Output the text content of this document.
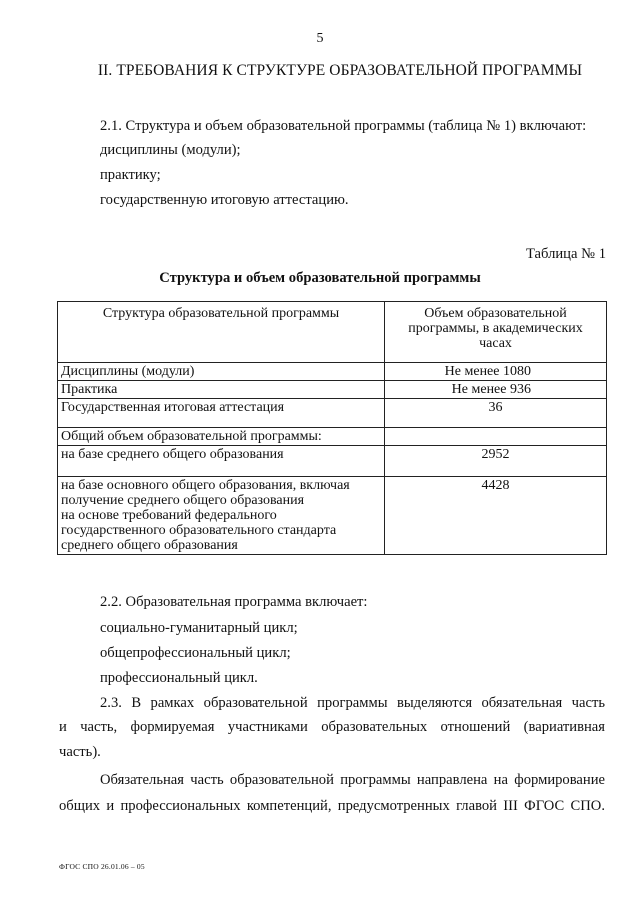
5
II. ТРЕБОВАНИЯ К СТРУКТУРЕ ОБРАЗОВАТЕЛЬНОЙ ПРОГРАММЫ
2.1. Структура и объем образовательной программы (таблица № 1) включают:
дисциплины (модули);
практику;
государственную итоговую аттестацию.
Таблица № 1
Структура и объем образовательной программы
Структура образовательной программы	Объем образовательной
программы, в академических
часах

Дисциплины (модули)	Не менее 1080
Практика	Не менее 936
Государственная итоговая аттестация	36
Общий объем образовательной программы:	
на базе среднего общего образования	2952

на базе основного общего образования, включая
получение среднего общего образования
на основе требований федерального
государственного образовательного стандарта
среднего общего образования	4428
2.2. Образовательная программа включает:
социально-гуманитарный цикл;
общепрофессиональный цикл;
профессиональный цикл.
2.3. В рамках образовательной программы выделяются обязательная часть
и часть, формируемая участниками образовательных отношений (вариативная
часть).
Обязательная часть образовательной программы направлена на формирование
общих и профессиональных компетенций, предусмотренных главой III ФГОС СПО.
ФГОС СПО 26.01.06 – 05
